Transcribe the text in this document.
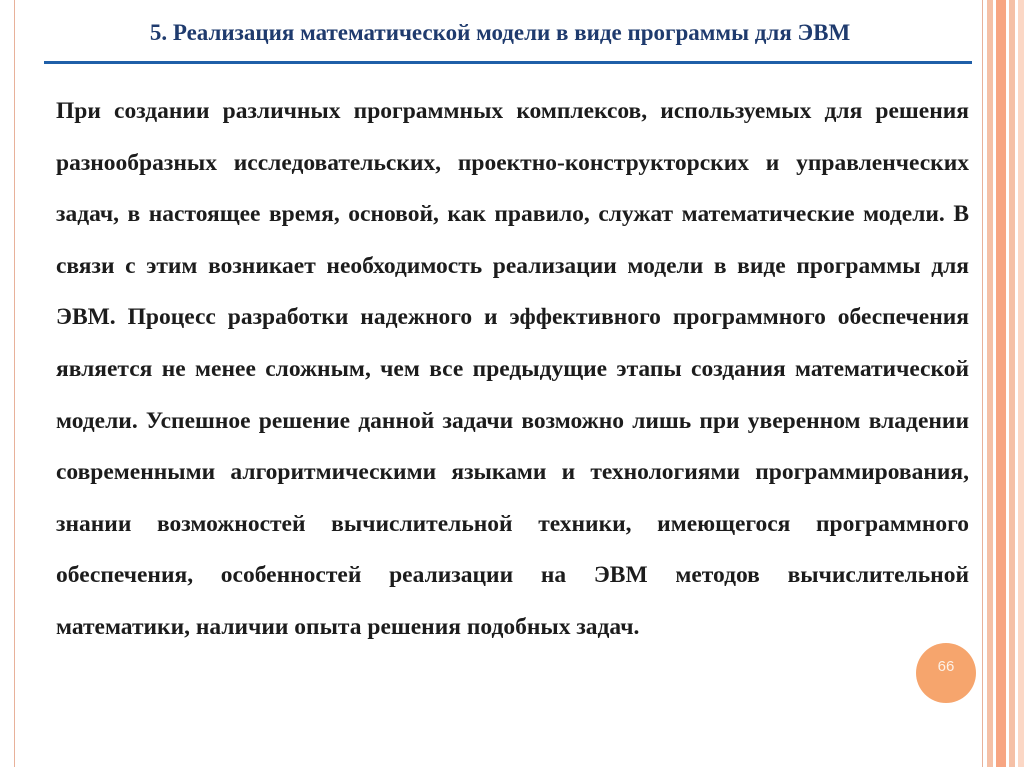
5. Реализация математической модели в виде программы для ЭВМ

При создании различных программных комплексов, используемых для решения разнообразных исследовательских, проектно-конструкторских и управленческих задач, в настоящее время, основой, как правило, служат математические модели. В связи с этим возникает необходимость реализации модели в виде программы для ЭВМ. Процесс разработки надежного и эффективного программного обеспечения является не менее сложным, чем все предыдущие этапы создания математической модели. Успешное решение данной задачи возможно лишь при уверенном владении современными алгоритмическими языками и технологиями программирования, знании возможностей вычислительной техники, имеющегося программного обеспечения, особенностей реализации на ЭВМ методов вычислительной математики, наличии опыта решения подобных задач.

66
